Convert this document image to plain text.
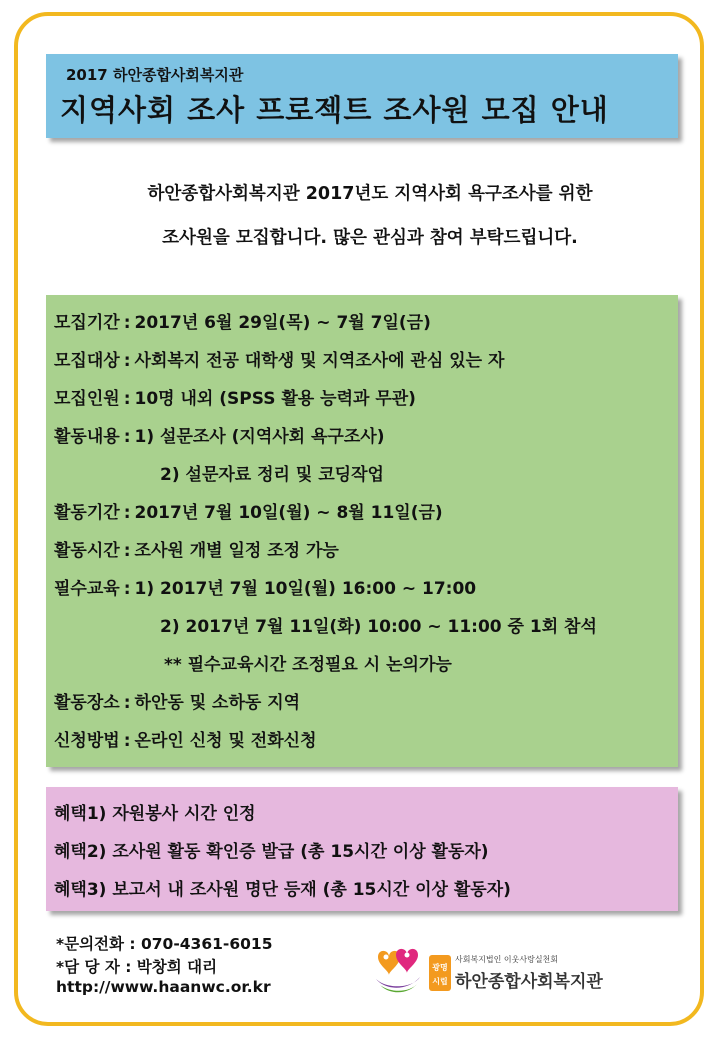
2017 하안종합사회복지관
지역사회 조사 프로젝트 조사원 모집 안내
하안종합사회복지관 2017년도 지역사회 욕구조사를 위한
조사원을 모집합니다. 많은 관심과 참여 부탁드립니다.
모집기간 : 2017년 6월 29일(목) ~ 7월 7일(금)
모집대상 : 사회복지 전공 대학생 및 지역조사에 관심 있는 자
모집인원 : 10명 내외 (SPSS 활용 능력과 무관)
활동내용 : 1) 설문조사 (지역사회 욕구조사)
2) 설문자료 정리 및 코딩작업
활동기간 : 2017년 7월 10일(월) ~ 8월 11일(금)
활동시간 : 조사원 개별 일정 조정 가능
필수교육 : 1) 2017년 7월 10일(월) 16:00 ~ 17:00
2) 2017년 7월 11일(화) 10:00 ~ 11:00 중 1회 참석
** 필수교육시간 조정필요 시 논의가능
활동장소 : 하안동 및 소하동 지역
신청방법 : 온라인 신청 및 전화신청
혜택1) 자원봉사 시간 인정
혜택2) 조사원 활동 확인증 발급 (총 15시간 이상 활동자)
혜택3) 보고서 내 조사원 명단 등재 (총 15시간 이상 활동자)
*문의전화 : 070-4361-6015
*담 당 자 : 박창희 대리
http://www.haanwc.or.kr
광명
시립
사회복지법인 이웃사랑실천회
하안종합사회복지관
